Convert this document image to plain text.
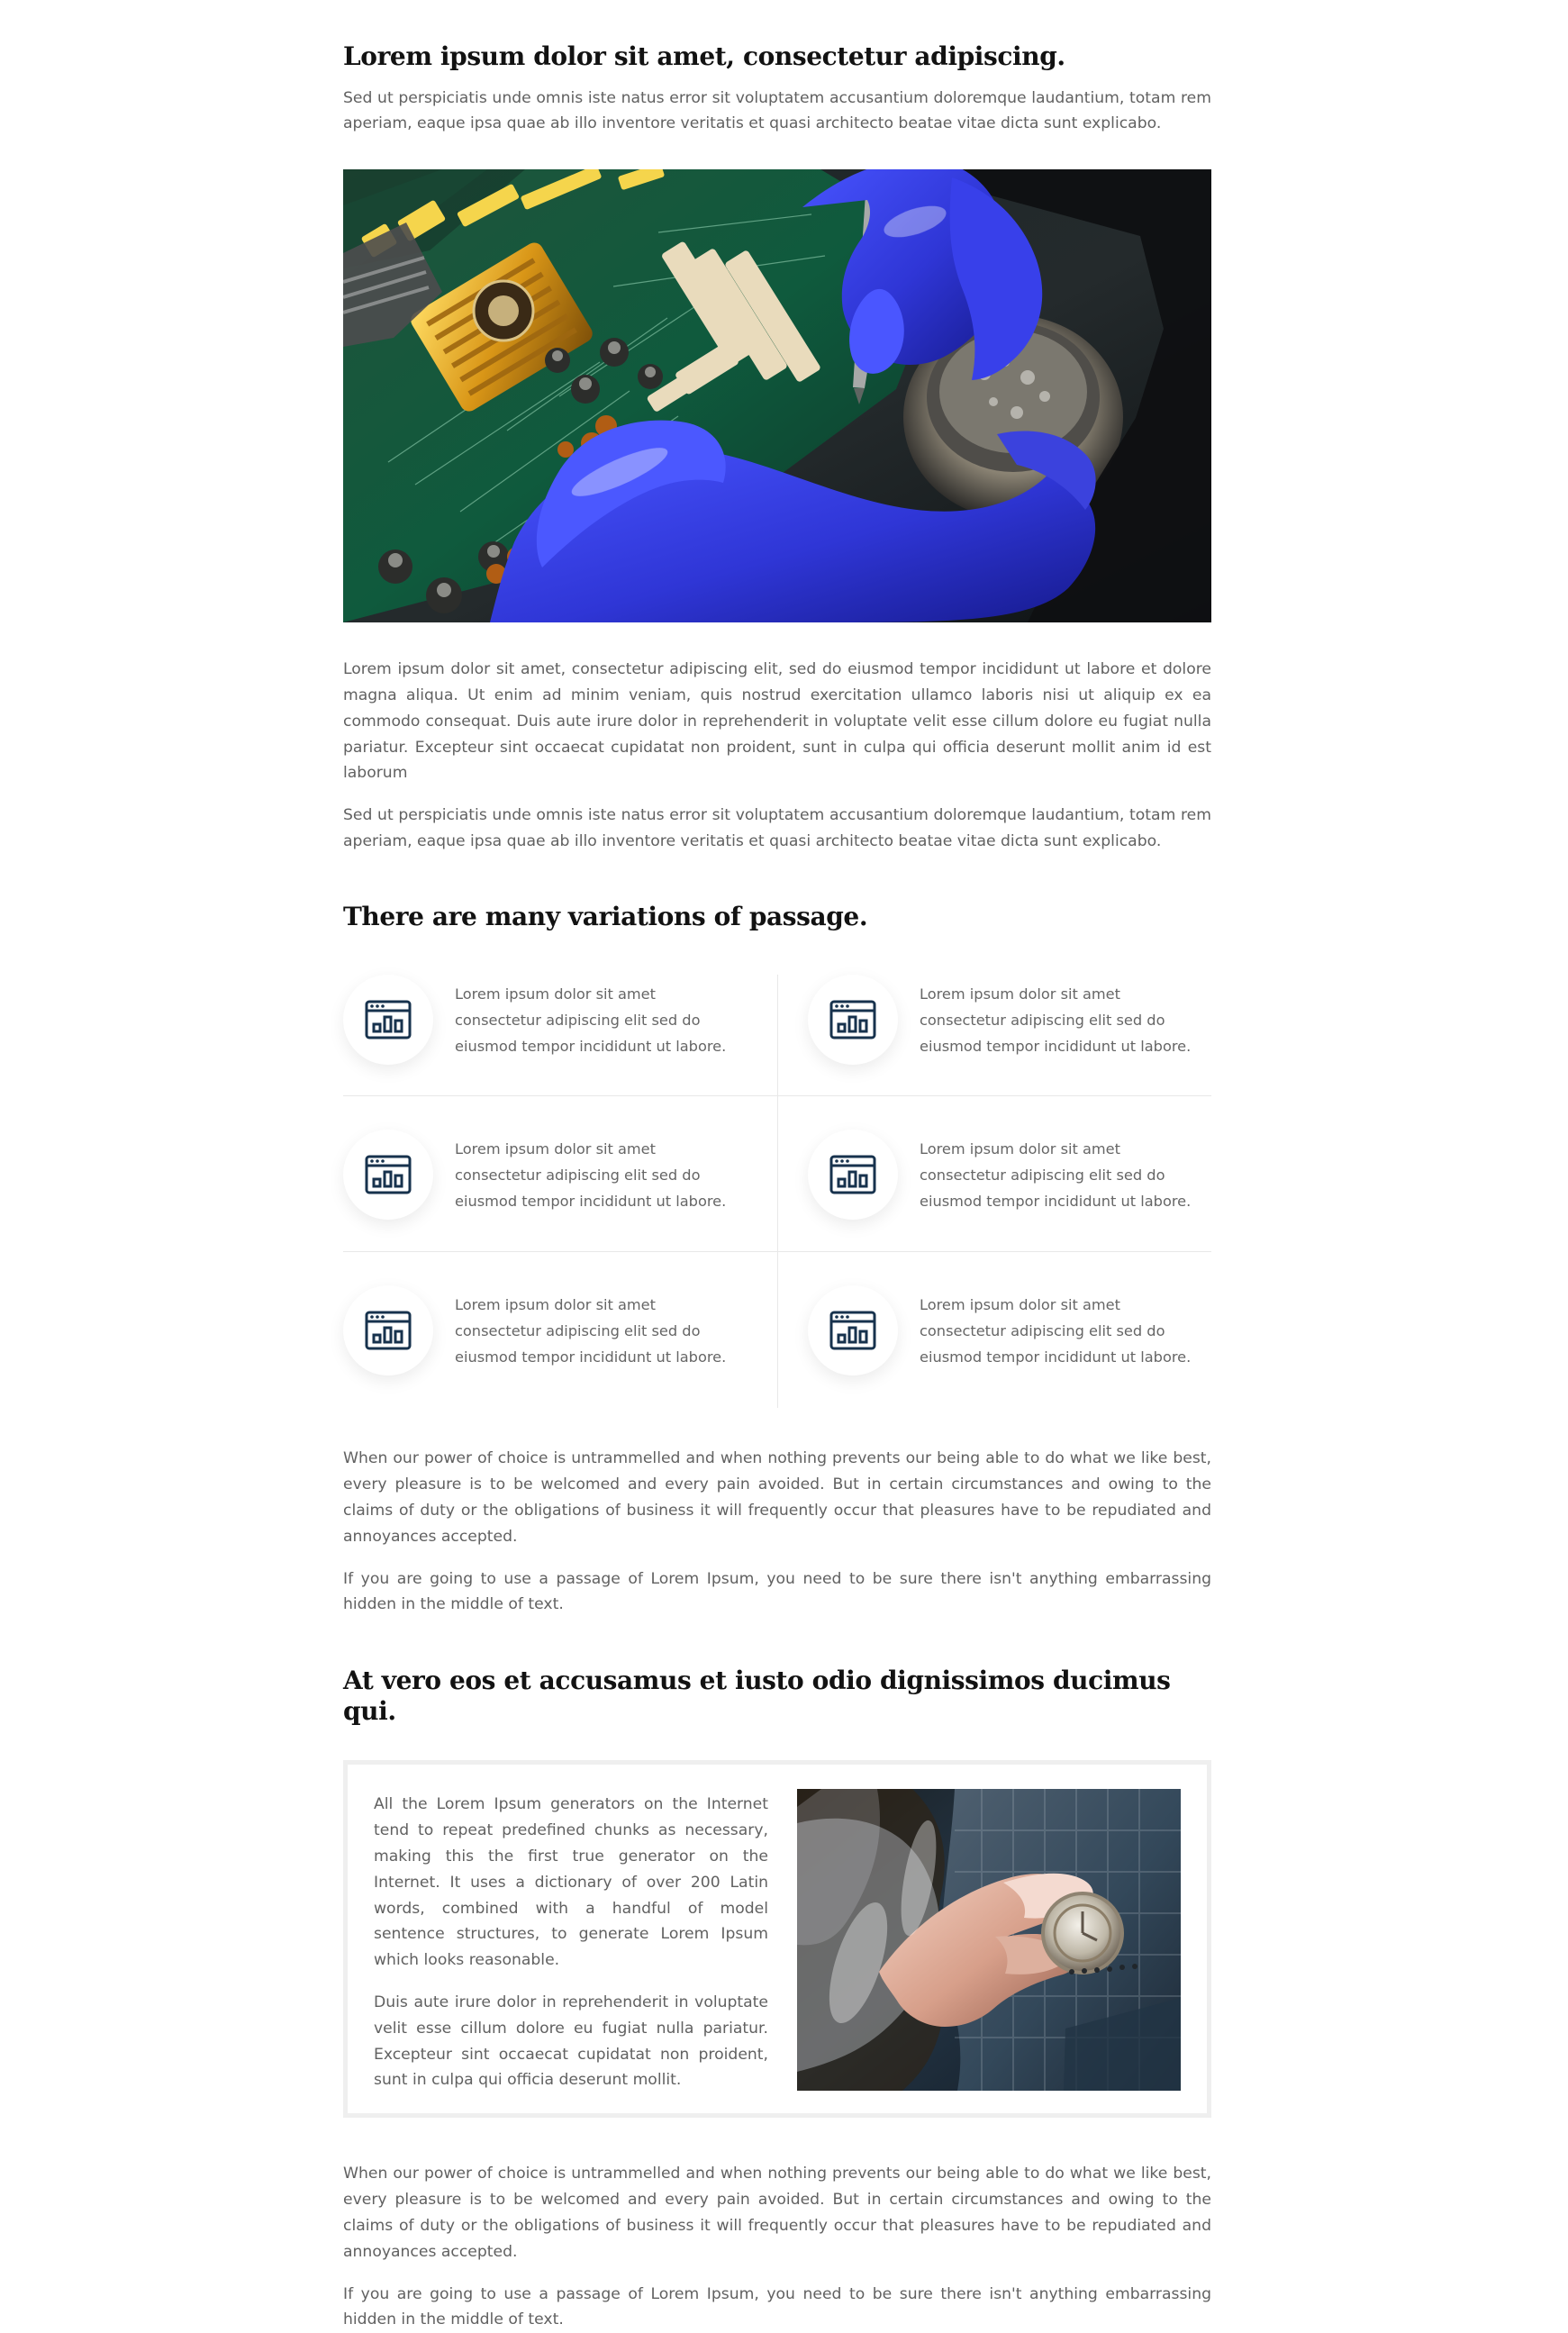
Lorem ipsum dolor sit amet, consectetur adipiscing.

Sed ut perspiciatis unde omnis iste natus error sit voluptatem accusantium doloremque laudantium, totam rem aperiam, eaque ipsa quae ab illo inventore veritatis et quasi architecto beatae vitae dicta sunt explicabo.

Lorem ipsum dolor sit amet, consectetur adipiscing elit, sed do eiusmod tempor incididunt ut labore et dolore magna aliqua. Ut enim ad minim veniam, quis nostrud exercitation ullamco laboris nisi ut aliquip ex ea commodo consequat. Duis aute irure dolor in reprehenderit in voluptate velit esse cillum dolore eu fugiat nulla pariatur. Excepteur sint occaecat cupidatat non proident, sunt in culpa qui officia deserunt mollit anim id est laborum

Sed ut perspiciatis unde omnis iste natus error sit voluptatem accusantium doloremque laudantium, totam rem aperiam, eaque ipsa quae ab illo inventore veritatis et quasi architecto beatae vitae dicta sunt explicabo.

There are many variations of passage.
Lorem ipsum dolor sit amet consectetur adipiscing elit sed do eiusmod tempor incididunt ut labore.
Lorem ipsum dolor sit amet consectetur adipiscing elit sed do eiusmod tempor incididunt ut labore.
Lorem ipsum dolor sit amet consectetur adipiscing elit sed do eiusmod tempor incididunt ut labore.
Lorem ipsum dolor sit amet consectetur adipiscing elit sed do eiusmod tempor incididunt ut labore.
Lorem ipsum dolor sit amet consectetur adipiscing elit sed do eiusmod tempor incididunt ut labore.
Lorem ipsum dolor sit amet consectetur adipiscing elit sed do eiusmod tempor incididunt ut labore.

When our power of choice is untrammelled and when nothing prevents our being able to do what we like best, every pleasure is to be welcomed and every pain avoided. But in certain circumstances and owing to the claims of duty or the obligations of business it will frequently occur that pleasures have to be repudiated and annoyances accepted.

If you are going to use a passage of Lorem Ipsum, you need to be sure there isn't anything embarrassing hidden in the middle of text.

At vero eos et accusamus et iusto odio dignissimos ducimus qui.

All the Lorem Ipsum generators on the Internet tend to repeat predefined chunks as necessary, making this the first true generator on the Internet. It uses a dictionary of over 200 Latin words, combined with a handful of model sentence structures, to generate Lorem Ipsum which looks reasonable.

Duis aute irure dolor in reprehenderit in voluptate velit esse cillum dolore eu fugiat nulla pariatur. Excepteur sint occaecat cupidatat non proident, sunt in culpa qui officia deserunt mollit.

When our power of choice is untrammelled and when nothing prevents our being able to do what we like best, every pleasure is to be welcomed and every pain avoided. But in certain circumstances and owing to the claims of duty or the obligations of business it will frequently occur that pleasures have to be repudiated and annoyances accepted.

If you are going to use a passage of Lorem Ipsum, you need to be sure there isn't anything embarrassing hidden in the middle of text.
